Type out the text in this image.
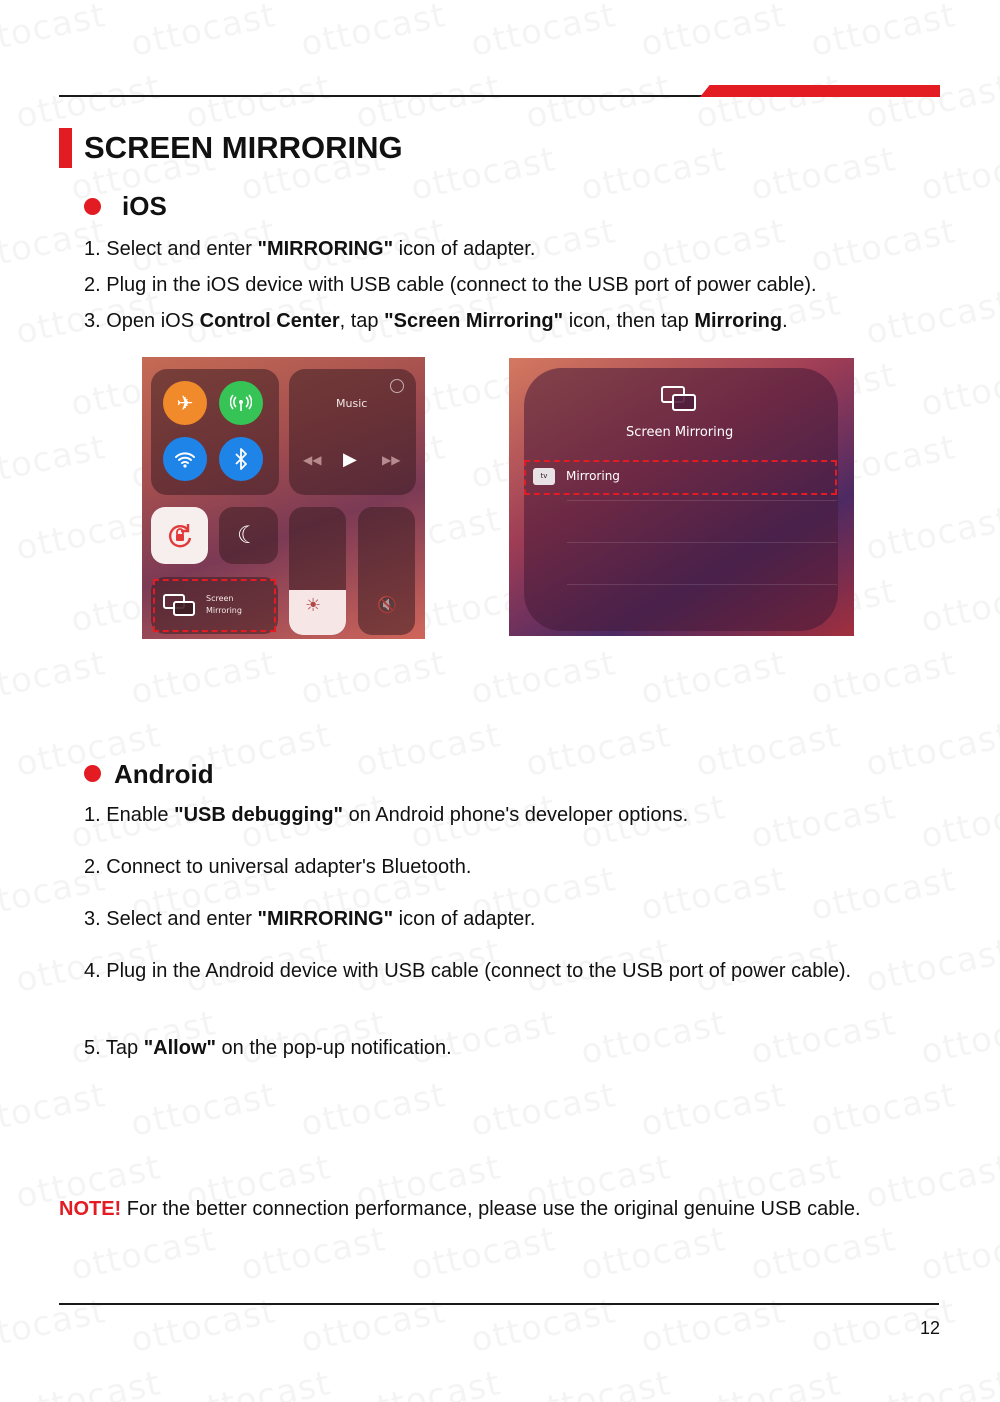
SCREEN MIRRORING
iOS
1. Select and enter "MIRRORING" icon of adapter.
2. Plug in the iOS device with USB cable (connect to the USB port of power cable).
3. Open iOS Control Center, tap "Screen Mirroring" icon, then tap Mirroring.
✈	Music
◀◀ ▶ ▶▶
☾
Screen
Mirroring	☀	🔇
Screen Mirroring
tv	Mirroring
Android
1. Enable "USB debugging" on Android phone's developer options.
2. Connect to universal adapter's Bluetooth.
3. Select and enter "MIRRORING" icon of adapter.
4. Plug in the Android device with USB cable (connect to the USB port of power cable).
5. Tap "Allow" on the pop-up notification.
NOTE! For the better connection performance, please use the original genuine USB cable.
12
